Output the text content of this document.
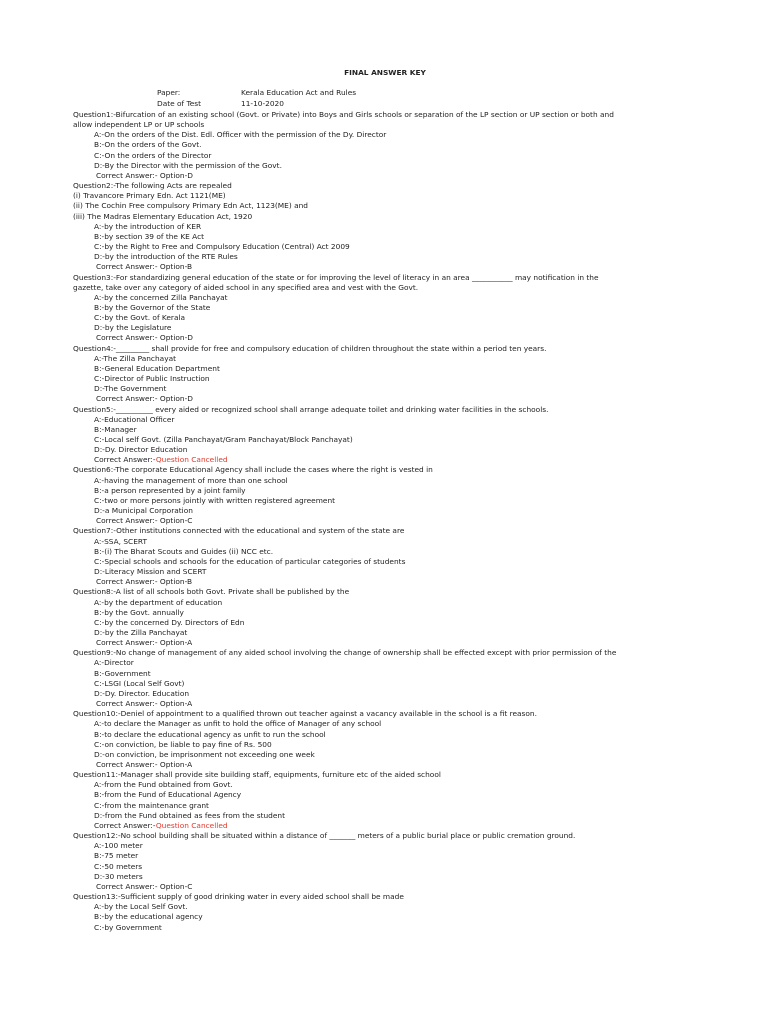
FINAL ANSWER KEY
Paper:	Kerala Education Act and Rules
Date of Test	11-10-2020
Question1:-Bifurcation of an existing school (Govt. or Private) into Boys and Girls schools or separation of the LP section or UP section or both and
allow independent LP or UP schools
A:-On the orders of the Dist. Edl. Officer with the permission of the Dy. Director
B:-On the orders of the Govt.
C:-On the orders of the Director
D:-By the Director with the permission of the Govt.
Correct Answer:- Option-D
Question2:-The following Acts are repealed
(i) Travancore Primary Edn. Act 1121(ME)
(ii) The Cochin Free compulsory Primary Edn Act, 1123(ME) and
(iii) The Madras Elementary Education Act, 1920
A:-by the introduction of KER
B:-by section 39 of the KE Act
C:-by the Right to Free and Compulsory Education (Central) Act 2009
D:-by the introduction of the RTE Rules
Correct Answer:- Option-B
Question3:-For standardizing general education of the state or for improving the level of literacy in an area ___________ may notification in the
gazette, take over any category of aided school in any specified area and vest with the Govt.
A:-by the concerned Zilla Panchayat
B:-by the Governor of the State
C:-by the Govt. of Kerala
D:-by the Legislature
Correct Answer:- Option-D
Question4:-_________ shall provide for free and compulsory education of children throughout the state within a period ten years.
A:-The Zilla Panchayat
B:-General Education Department
C:-Director of Public Instruction
D:-The Government
Correct Answer:- Option-D
Question5:-__________ every aided or recognized school shall arrange adequate toilet and drinking water facilities in the schools.
A:-Educational Officer
B:-Manager
C:-Local self Govt. (Zilla Panchayat/Gram Panchayat/Block Panchayat)
D:-Dy. Director Education
Correct Answer:-Question Cancelled
Question6:-The corporate Educational Agency shall include the cases where the right is vested in
A:-having the management of more than one school
B:-a person represented by a joint family
C:-two or more persons jointly with written registered agreement
D:-a Municipal Corporation
Correct Answer:- Option-C
Question7:-Other institutions connected with the educational and system of the state are
A:-SSA, SCERT
B:-(i) The Bharat Scouts and Guides (ii) NCC etc.
C:-Special schools and schools for the education of particular categories of students
D:-Literacy Mission and SCERT
Correct Answer:- Option-B
Question8:-A list of all schools both Govt. Private shall be published by the
A:-by the department of education
B:-by the Govt. annually
C:-by the concerned Dy. Directors of Edn
D:-by the Zilla Panchayat
Correct Answer:- Option-A
Question9:-No change of management of any aided school involving the change of ownership shall be effected except with prior permission of the
A:-Director
B:-Government
C:-LSGI (Local Self Govt)
D:-Dy. Director. Education
Correct Answer:- Option-A
Question10:-Deniel of appointment to a qualified thrown out teacher against a vacancy available in the school is a fit reason.
A:-to declare the Manager as unfit to hold the office of Manager of any school
B:-to declare the educational agency as unfit to run the school
C:-on conviction, be liable to pay fine of Rs. 500
D:-on conviction, be imprisonment not exceeding one week
Correct Answer:- Option-A
Question11:-Manager shall provide site building staff, equipments, furniture etc of the aided school
A:-from the Fund obtained from Govt.
B:-from the Fund of Educational Agency
C:-from the maintenance grant
D:-from the Fund obtained as fees from the student
Correct Answer:-Question Cancelled
Question12:-No school building shall be situated within a distance of _______ meters of a public burial place or public cremation ground.
A:-100 meter
B:-75 meter
C:-50 meters
D:-30 meters
Correct Answer:- Option-C
Question13:-Sufficient supply of good drinking water in every aided school shall be made
A:-by the Local Self Govt.
B:-by the educational agency
C:-by Government
